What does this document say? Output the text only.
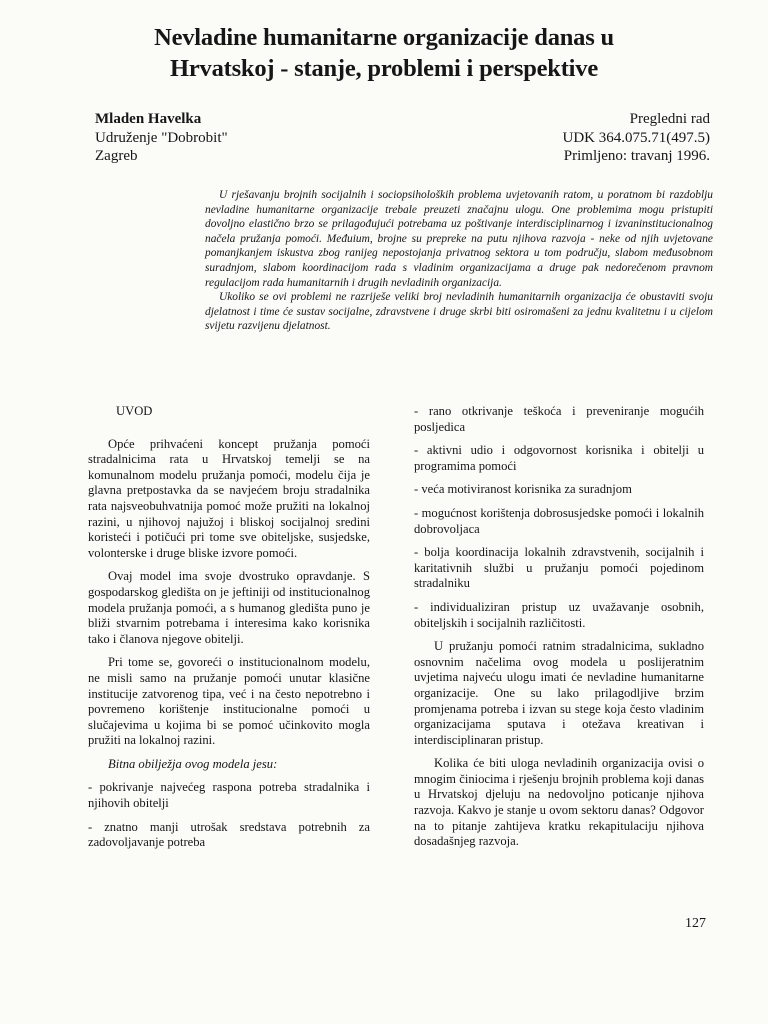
Nevladine humanitarne organizacije danas u
Hrvatskoj - stanje, problemi i perspektive
Mladen Havelka
Udruženje "Dobrobit"
Zagreb
Pregledni rad
UDK 364.075.71(497.5)
Primljeno: travanj 1996.

U rješavanju brojnih socijalnih i sociopsiholoških problema uvjetovanih ratom, u poratnom bi razdoblju nevladine humanitarne organizacije trebale preuzeti značajnu ulogu. One problemima mogu pristupiti dovoljno elastično brzo se prilagođujući potrebama uz poštivanje interdisciplinarnog i izvaninstitucionalnog načela pružanja pomoći. Međuium, brojne su prepreke na putu njihova razvoja - neke od njih uvjetovane pomanjkanjem iskustva zbog ranijeg nepostojanja privatnog sektora u tom području, slabom međusobnom suradnjom, slabom koordinacijom rada s vladinim organizacijama a druge pak nedorečenom pravnom regulacijom rada humanitarnih i drugih nevladinih organizacija.

Ukoliko se ovi problemi ne razriješe veliki broj nevladinih humanitarnih organizacija će obustaviti svoju djelatnost i time će sustav socijalne, zdravstvene i druge skrbi biti osiromašeni za jednu kvalitetnu i u cijelom svijetu razvijenu djelatnost.

UVOD

Opće prihvaćeni koncept pružanja pomoći stradalnicima rata u Hrvatskoj temelji se na komunalnom modelu pružanja pomoći, modelu čija je glavna pretpostavka da se navjećem broju stradalnika rata najsveobuhvatnija pomoć može pružiti na lokalnoj razini, u njihovoj najužoj i bliskoj socijalnoj sredini koristeći i potičući pri tome sve obiteljske, susjedske, volonterske i druge bliske izvore pomoći.

Ovaj model ima svoje dvostruko opravdanje. S gospodarskog gledišta on je jeftiniji od institucionalnog modela pružanja pomoći, a s humanog gledišta puno je bliži stvarnim potrebama i interesima kako korisnika tako i članova njegove obitelji.

Pri tome se, govoreći o institucionalnom modelu, ne misli samo na pružanje pomoći unutar klasične institucije zatvorenog tipa, već i na često nepotrebno i povremeno korištenje institucionalne pomoći u slučajevima u kojima bi se pomoć učinkovito mogla pružiti na lokalnoj razini.

Bitna obilježja ovog modela jesu:

- pokrivanje najvećeg raspona potreba stradalnika i njihovih obitelji

- znatno manji utrošak sredstava potrebnih za zadovoljavanje potreba

- rano otkrivanje teškoća i preveniranje mogućih posljedica

- aktivni udio i odgovornost korisnika i obitelji u programima pomoći

- veća motiviranost korisnika za suradnjom

- mogućnost korištenja dobrosusjedske pomoći i lokalnih dobrovoljaca

- bolja koordinacija lokalnih zdravstvenih, socijalnih i karitativnih službi u pružanju pomoći pojedinom stradalniku

- individualiziran pristup uz uvažavanje osobnih, obiteljskih i socijalnih različitosti.

U pružanju pomoći ratnim stradalnicima, sukladno osnovnim načelima ovog modela u poslijeratnim uvjetima najveću ulogu imati će nevladine humanitarne organizacije. One su lako prilagodljive brzim promjenama potreba i izvan su stege koja često vladinim organizacijama sputava i otežava kreativan i interdisciplinaran pristup.

Kolika će biti uloga nevladinih organizacija ovisi o mnogim činiocima i rješenju brojnih problema koji danas u Hrvatskoj djeluju na nedovoljno poticanje njihova razvoja. Kakvo je stanje u ovom sektoru danas? Odgovor na to pitanje zahtijeva kratku rekapitulaciju njihova dosadašnjeg razvoja.

127
